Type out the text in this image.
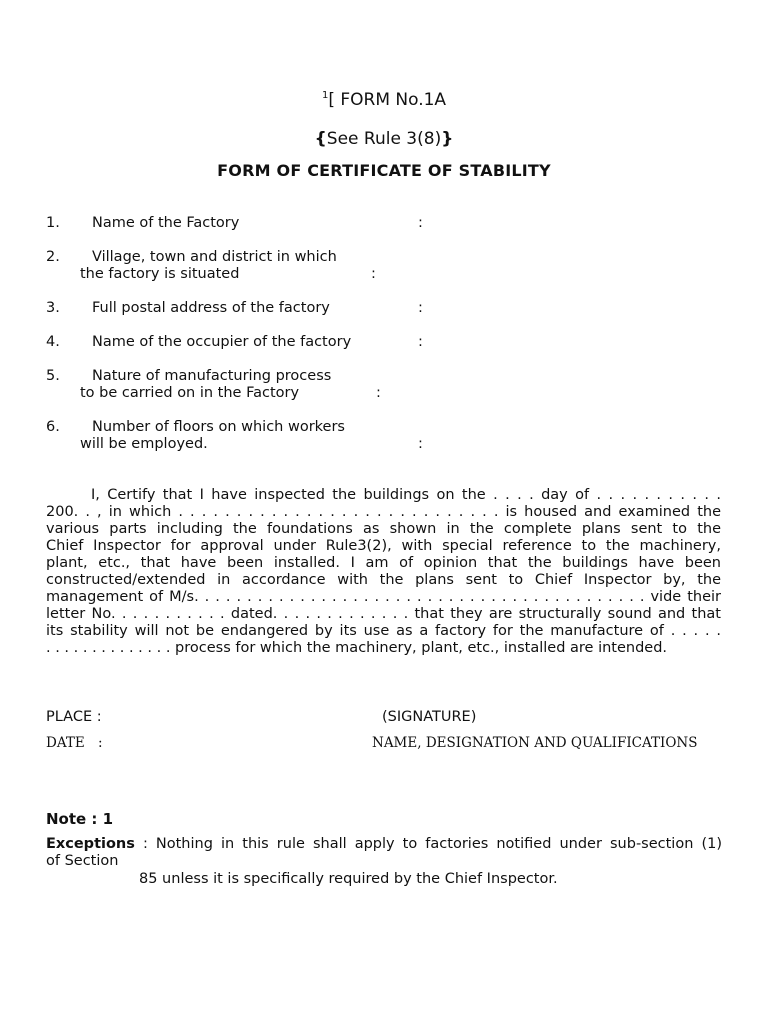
$^1$[ FORM No.1A
{See Rule 3(8)}
FORM OF CERTIFICATE OF STABILITY
1. Name of the Factory	:
2. Village, town and district in which
the factory is situated	:
3. Full postal address of the factory	:
4. Name of the occupier of the factory	:
5. Nature of manufacturing process
to be carried on in the Factory	:
6. Number of floors on which workers
will be employed.	:
I, Certify that I have inspected the buildings on the . . . . day of . . . . . . . . . . .
200. . , in which . . . . . . . . . . . . . . . . . . . . . . . . . . . . is housed and examined the
various parts including the foundations as shown in the complete plans sent to the
Chief Inspector for approval under Rule3(2), with special reference to the machinery,
plant, etc., that have been installed. I am of opinion that the buildings have been
constructed/extended in accordance with the plans sent to Chief Inspector by, the
management of M/s. . . . . . . . . . . . . . . . . . . . . . . . . . . . . . . . . . . . . . . . . . . vide their
letter No. . . . . . . . . . . dated. . . . . . . . . . . . . that they are structurally sound and that
its stability will not be endangered by its use as a factory for the manufacture of . . . . .
. . . . . . . . . . . . . . process for which the machinery, plant, etc., installed are intended.
PLACE :	(SIGNATURE)
DATE :	NAME, DESIGNATION AND QUALIFICATIONS
Note : 1
Exceptions : Nothing in this rule shall apply to factories notified under sub-section (1)
of Section
85 unless it is specifically required by the Chief Inspector.
